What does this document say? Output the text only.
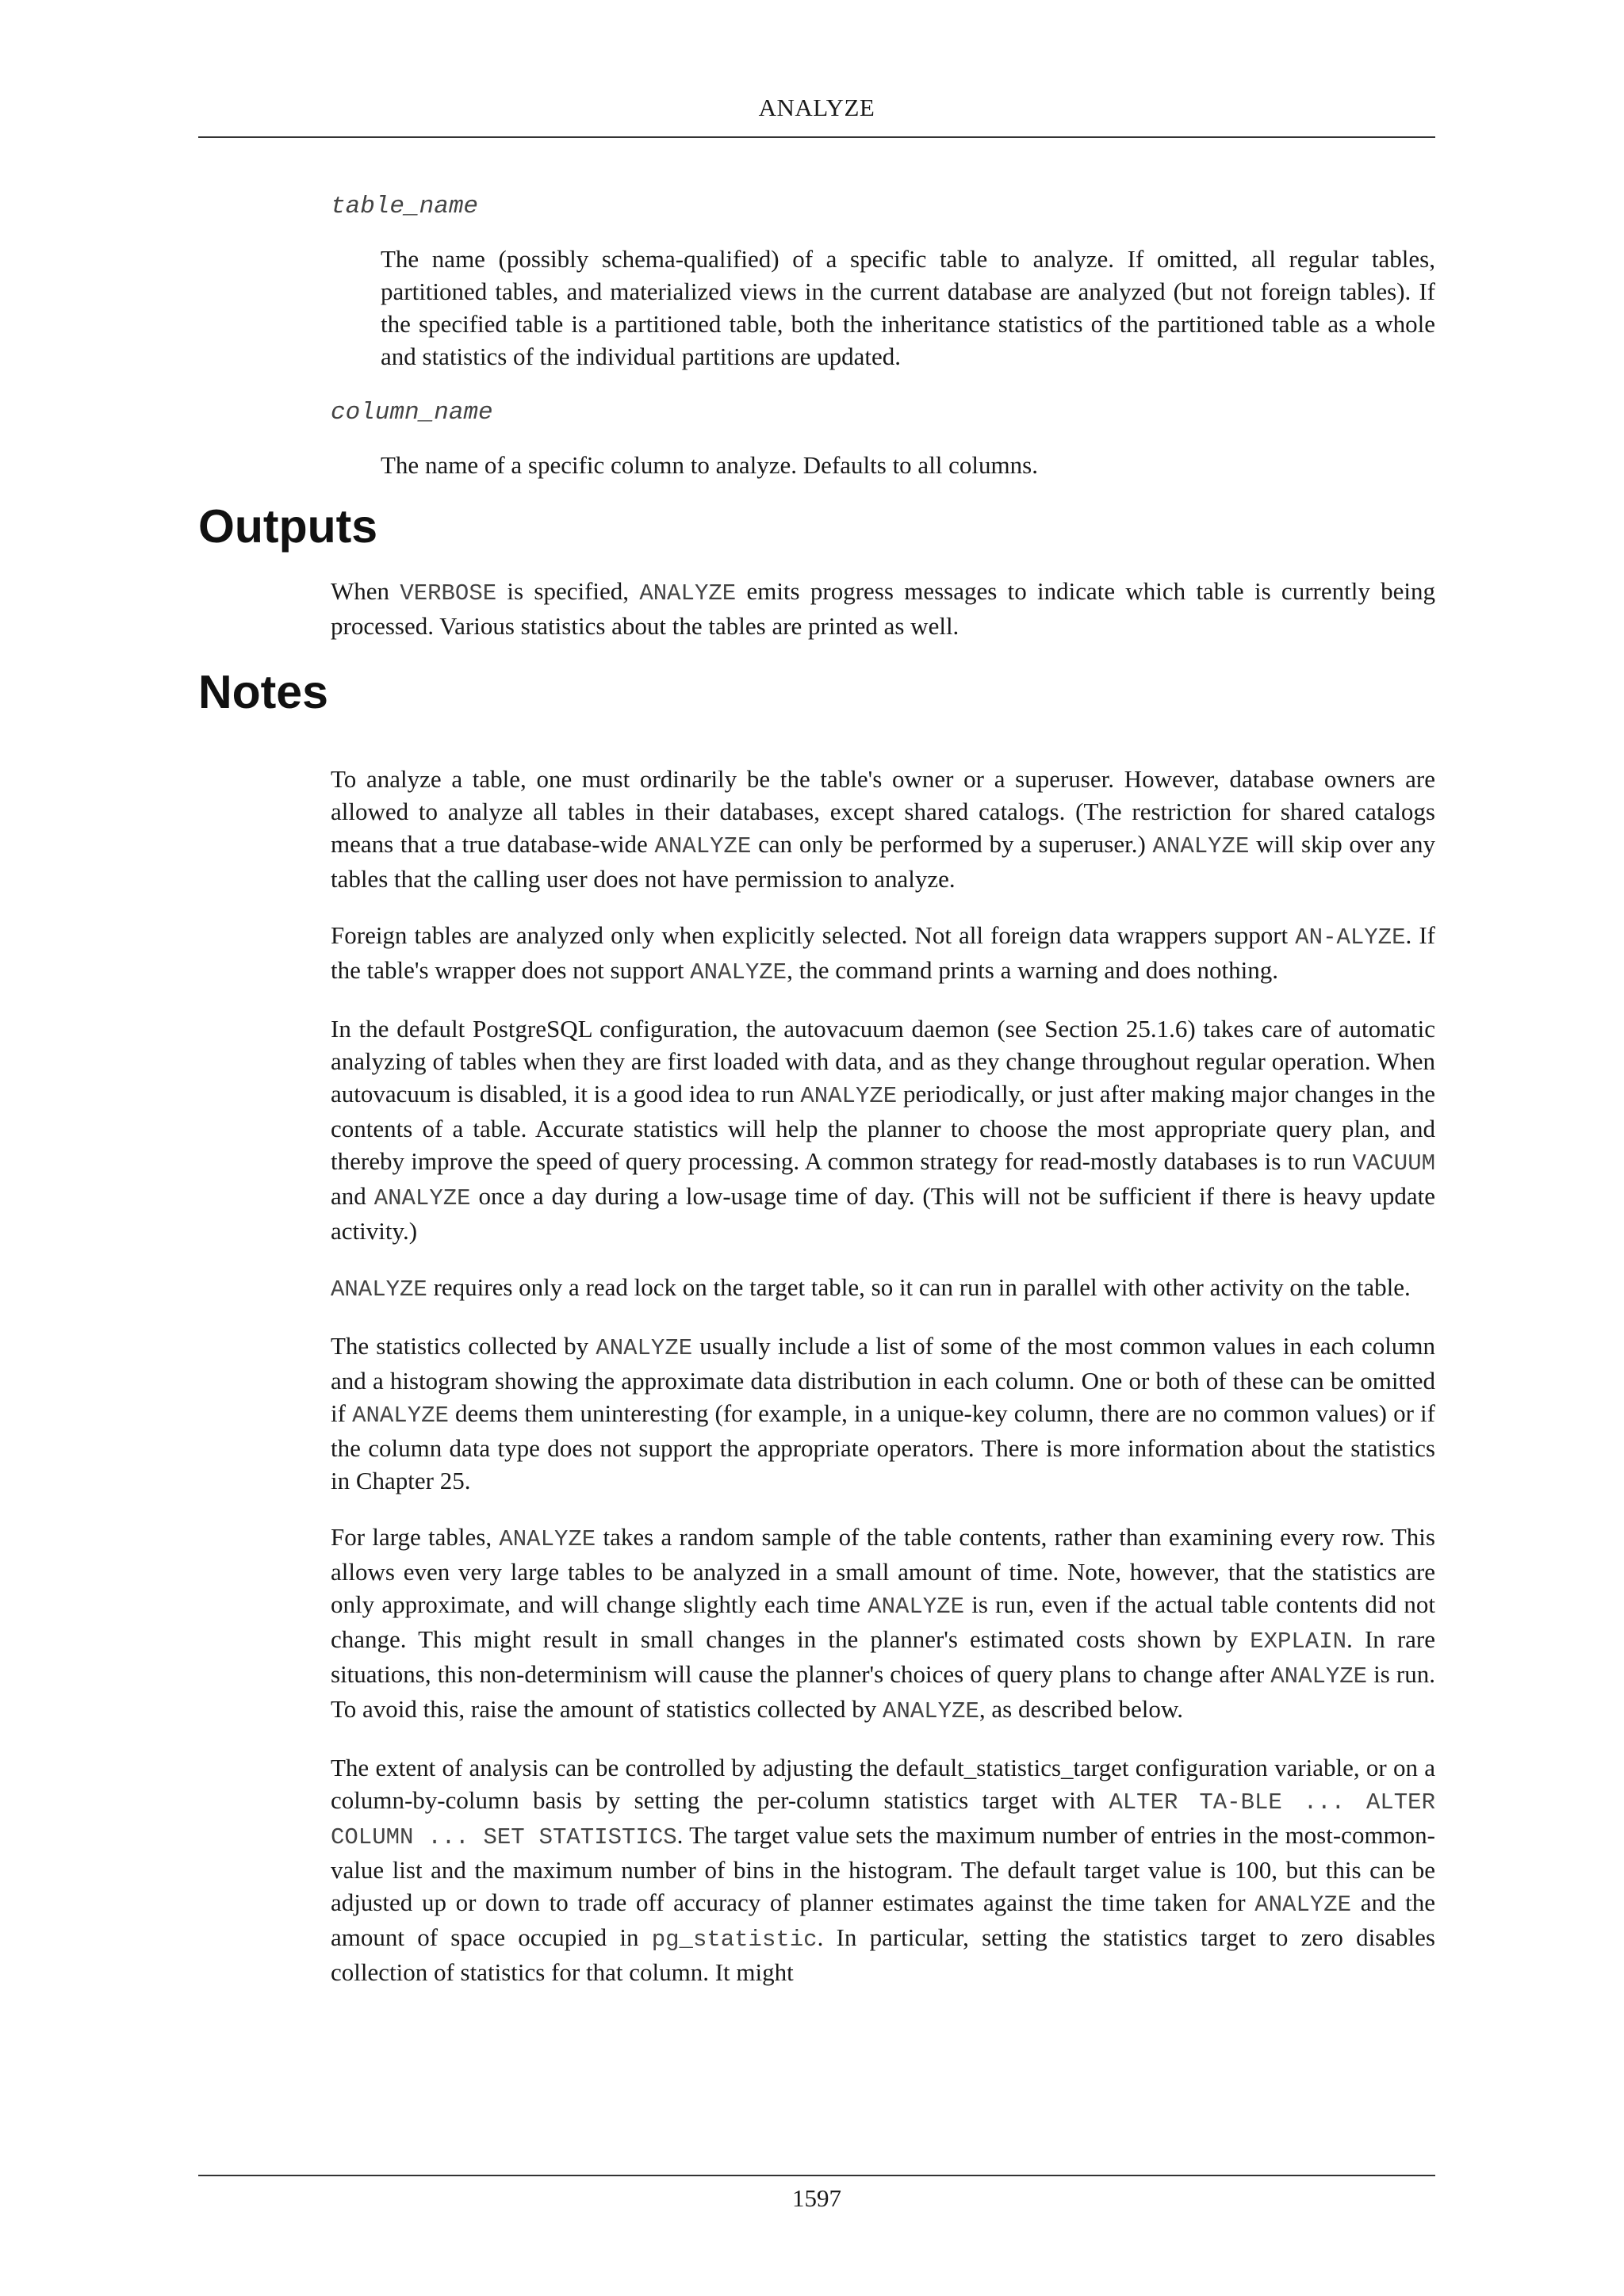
ANALYZE
table_name
The name (possibly schema-qualified) of a specific table to analyze. If omitted, all regular tables, partitioned tables, and materialized views in the current database are analyzed (but not foreign tables). If the specified table is a partitioned table, both the inheritance statistics of the partitioned table as a whole and statistics of the individual partitions are updated.
column_name
The name of a specific column to analyze. Defaults to all columns.
Outputs

When VERBOSE is specified, ANALYZE emits progress messages to indicate which table is currently being processed. Various statistics about the tables are printed as well.

Notes

To analyze a table, one must ordinarily be the table's owner or a superuser. However, database owners are allowed to analyze all tables in their databases, except shared catalogs. (The restriction for shared catalogs means that a true database-wide ANALYZE can only be performed by a superuser.) ANALYZE will skip over any tables that the calling user does not have permission to analyze.

Foreign tables are analyzed only when explicitly selected. Not all foreign data wrappers support AN-ALYZE. If the table's wrapper does not support ANALYZE, the command prints a warning and does nothing.

In the default PostgreSQL configuration, the autovacuum daemon (see Section 25.1.6) takes care of automatic analyzing of tables when they are first loaded with data, and as they change throughout regular operation. When autovacuum is disabled, it is a good idea to run ANALYZE periodically, or just after making major changes in the contents of a table. Accurate statistics will help the planner to choose the most appropriate query plan, and thereby improve the speed of query processing. A common strategy for read-mostly databases is to run VACUUM and ANALYZE once a day during a low-usage time of day. (This will not be sufficient if there is heavy update activity.)

ANALYZE requires only a read lock on the target table, so it can run in parallel with other activity on the table.

The statistics collected by ANALYZE usually include a list of some of the most common values in each column and a histogram showing the approximate data distribution in each column. One or both of these can be omitted if ANALYZE deems them uninteresting (for example, in a unique-key column, there are no common values) or if the column data type does not support the appropriate operators. There is more information about the statistics in Chapter 25.

For large tables, ANALYZE takes a random sample of the table contents, rather than examining every row. This allows even very large tables to be analyzed in a small amount of time. Note, however, that the statistics are only approximate, and will change slightly each time ANALYZE is run, even if the actual table contents did not change. This might result in small changes in the planner's estimated costs shown by EXPLAIN. In rare situations, this non-determinism will cause the planner's choices of query plans to change after ANALYZE is run. To avoid this, raise the amount of statistics collected by ANALYZE, as described below.

The extent of analysis can be controlled by adjusting the default_statistics_target configuration variable, or on a column-by-column basis by setting the per-column statistics target with ALTER TA-BLE ... ALTER COLUMN ... SET STATISTICS. The target value sets the maximum number of entries in the most-common-value list and the maximum number of bins in the histogram. The default target value is 100, but this can be adjusted up or down to trade off accuracy of planner estimates against the time taken for ANALYZE and the amount of space occupied in pg_statistic. In particular, setting the statistics target to zero disables collection of statistics for that column. It might

1597
